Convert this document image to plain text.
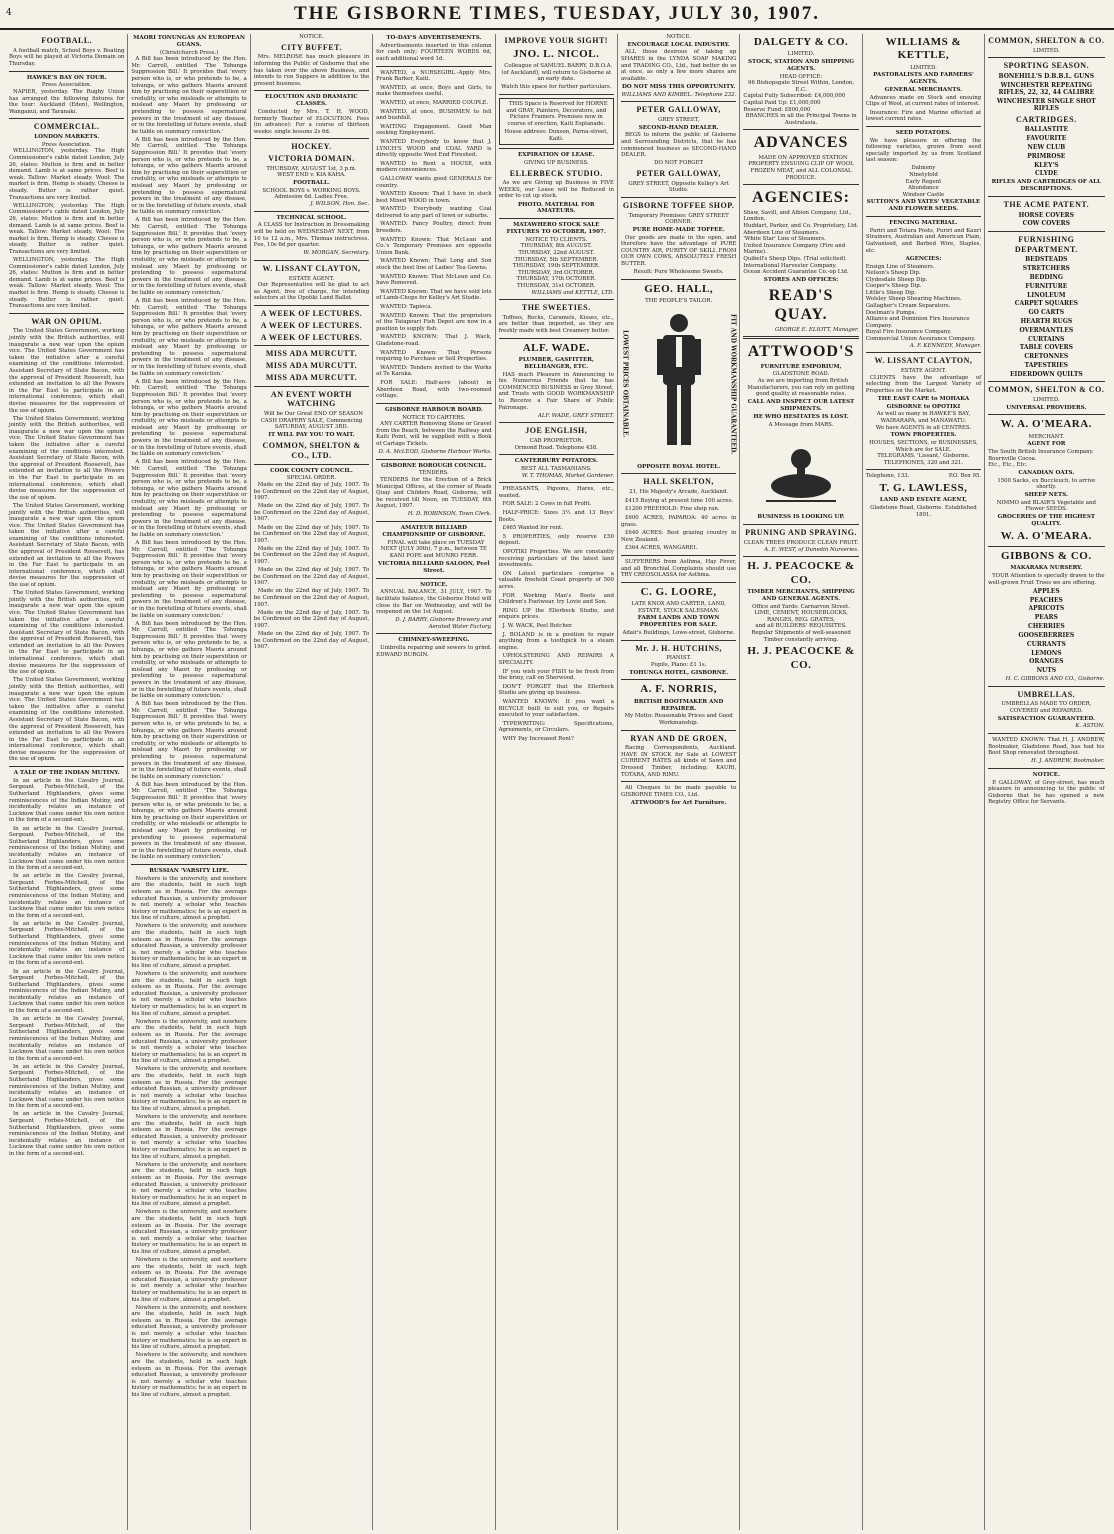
4	THE GISBORNE TIMES, TUESDAY, JULY 30, 1907.
FOOTBALL.

A football match, School Boys v. Boating Boys will be played at Victoria Domain on Thursday.

HAWKE'S BAY ON TOUR.
Press Association.

NAPIER, yesterday. The Rugby Union has arranged the following fixtures for the tour: Auckland (Eden), Wellington, Wanganui, and Taranaki.

COMMERCIAL.
LONDON MARKETS.
Press Association.

WELLINGTON, yesterday. The High Commissioner's cable dated London, July 26, states: Mutton is firm and in better demand. Lamb is at same prices. Beef is weak. Tallow: Market steady. Wool: The market is firm. Hemp is steady. Cheese is steady. Butter is rather quiet. Transactions are very limited.

WELLINGTON, yesterday. The High Commissioner's cable dated London, July 26, states: Mutton is firm and in better demand. Lamb is at same prices. Beef is weak. Tallow: Market steady. Wool: The market is firm. Hemp is steady. Cheese is steady. Butter is rather quiet. Transactions are very limited.

WELLINGTON, yesterday. The High Commissioner's cable dated London, July 26, states: Mutton is firm and in better demand. Lamb is at same prices. Beef is weak. Tallow: Market steady. Wool: The market is firm. Hemp is steady. Cheese is steady. Butter is rather quiet. Transactions are very limited.

WAR ON OPIUM.

The United States Government, working jointly with the British authorities, will inaugurate a new war upon the opium vice. The United States Government has taken the initiative after a careful examining of the conditions interested. Assistant Secretary of State Bacon, with the approval of President Roosevelt, has extended an invitation to all the Powers in the Far East to participate in an international conference, which shall devise measures for the suppression of the use of opium.

The United States Government, working jointly with the British authorities, will inaugurate a new war upon the opium vice. The United States Government has taken the initiative after a careful examining of the conditions interested. Assistant Secretary of State Bacon, with the approval of President Roosevelt, has extended an invitation to all the Powers in the Far East to participate in an international conference, which shall devise measures for the suppression of the use of opium.

The United States Government, working jointly with the British authorities, will inaugurate a new war upon the opium vice. The United States Government has taken the initiative after a careful examining of the conditions interested. Assistant Secretary of State Bacon, with the approval of President Roosevelt, has extended an invitation to all the Powers in the Far East to participate in an international conference, which shall devise measures for the suppression of the use of opium.

The United States Government, working jointly with the British authorities, will inaugurate a new war upon the opium vice. The United States Government has taken the initiative after a careful examining of the conditions interested. Assistant Secretary of State Bacon, with the approval of President Roosevelt, has extended an invitation to all the Powers in the Far East to participate in an international conference, which shall devise measures for the suppression of the use of opium.

The United States Government, working jointly with the British authorities, will inaugurate a new war upon the opium vice. The United States Government has taken the initiative after a careful examining of the conditions interested. Assistant Secretary of State Bacon, with the approval of President Roosevelt, has extended an invitation to all the Powers in the Far East to participate in an international conference, which shall devise measures for the suppression of the use of opium.

A TALE OF THE INDIAN MUTINY.

In an article in the Cavalry Journal, Sergeant Forbes-Mitchell, of the Sutherland Highlanders, gives some reminiscences of the Indian Mutiny, and incidentally relates an instance of Lucknow that came under his own notice in the form of a second-ent.

In an article in the Cavalry Journal, Sergeant Forbes-Mitchell, of the Sutherland Highlanders, gives some reminiscences of the Indian Mutiny, and incidentally relates an instance of Lucknow that came under his own notice in the form of a second-ent.

In an article in the Cavalry Journal, Sergeant Forbes-Mitchell, of the Sutherland Highlanders, gives some reminiscences of the Indian Mutiny, and incidentally relates an instance of Lucknow that came under his own notice in the form of a second-ent.

In an article in the Cavalry Journal, Sergeant Forbes-Mitchell, of the Sutherland Highlanders, gives some reminiscences of the Indian Mutiny, and incidentally relates an instance of Lucknow that came under his own notice in the form of a second-ent.

In an article in the Cavalry Journal, Sergeant Forbes-Mitchell, of the Sutherland Highlanders, gives some reminiscences of the Indian Mutiny, and incidentally relates an instance of Lucknow that came under his own notice in the form of a second-ent.

In an article in the Cavalry Journal, Sergeant Forbes-Mitchell, of the Sutherland Highlanders, gives some reminiscences of the Indian Mutiny, and incidentally relates an instance of Lucknow that came under his own notice in the form of a second-ent.

In an article in the Cavalry Journal, Sergeant Forbes-Mitchell, of the Sutherland Highlanders, gives some reminiscences of the Indian Mutiny, and incidentally relates an instance of Lucknow that came under his own notice in the form of a second-ent.

In an article in the Cavalry Journal, Sergeant Forbes-Mitchell, of the Sutherland Highlanders, gives some reminiscences of the Indian Mutiny, and incidentally relates an instance of Lucknow that came under his own notice in the form of a second-ent.

MAORI TONUNGAS AN EUROPEAN GUANS.
(Christchurch Press.)

A Bill has been introduced by the Hon. Mr. Carroll, entitled 'The Tohunga Suppression Bill.' It provides that 'every person who is, or who pretends to be, a tohunga, or who gathers Maoris around him by practising on their superstition or credulity, or who misleads or attempts to mislead any Maori by professing or pretending to possess supernatural powers in the treatment of any disease, or in the foretelling of future events, shall be liable on summary conviction.'

A Bill has been introduced by the Hon. Mr. Carroll, entitled 'The Tohunga Suppression Bill.' It provides that 'every person who is, or who pretends to be, a tohunga, or who gathers Maoris around him by practising on their superstition or credulity, or who misleads or attempts to mislead any Maori by professing or pretending to possess supernatural powers in the treatment of any disease, or in the foretelling of future events, shall be liable on summary conviction.'

A Bill has been introduced by the Hon. Mr. Carroll, entitled 'The Tohunga Suppression Bill.' It provides that 'every person who is, or who pretends to be, a tohunga, or who gathers Maoris around him by practising on their superstition or credulity, or who misleads or attempts to mislead any Maori by professing or pretending to possess supernatural powers in the treatment of any disease, or in the foretelling of future events, shall be liable on summary conviction.'

A Bill has been introduced by the Hon. Mr. Carroll, entitled 'The Tohunga Suppression Bill.' It provides that 'every person who is, or who pretends to be, a tohunga, or who gathers Maoris around him by practising on their superstition or credulity, or who misleads or attempts to mislead any Maori by professing or pretending to possess supernatural powers in the treatment of any disease, or in the foretelling of future events, shall be liable on summary conviction.'

A Bill has been introduced by the Hon. Mr. Carroll, entitled 'The Tohunga Suppression Bill.' It provides that 'every person who is, or who pretends to be, a tohunga, or who gathers Maoris around him by practising on their superstition or credulity, or who misleads or attempts to mislead any Maori by professing or pretending to possess supernatural powers in the treatment of any disease, or in the foretelling of future events, shall be liable on summary conviction.'

A Bill has been introduced by the Hon. Mr. Carroll, entitled 'The Tohunga Suppression Bill.' It provides that 'every person who is, or who pretends to be, a tohunga, or who gathers Maoris around him by practising on their superstition or credulity, or who misleads or attempts to mislead any Maori by professing or pretending to possess supernatural powers in the treatment of any disease, or in the foretelling of future events, shall be liable on summary conviction.'

A Bill has been introduced by the Hon. Mr. Carroll, entitled 'The Tohunga Suppression Bill.' It provides that 'every person who is, or who pretends to be, a tohunga, or who gathers Maoris around him by practising on their superstition or credulity, or who misleads or attempts to mislead any Maori by professing or pretending to possess supernatural powers in the treatment of any disease, or in the foretelling of future events, shall be liable on summary conviction.'

A Bill has been introduced by the Hon. Mr. Carroll, entitled 'The Tohunga Suppression Bill.' It provides that 'every person who is, or who pretends to be, a tohunga, or who gathers Maoris around him by practising on their superstition or credulity, or who misleads or attempts to mislead any Maori by professing or pretending to possess supernatural powers in the treatment of any disease, or in the foretelling of future events, shall be liable on summary conviction.'

A Bill has been introduced by the Hon. Mr. Carroll, entitled 'The Tohunga Suppression Bill.' It provides that 'every person who is, or who pretends to be, a tohunga, or who gathers Maoris around him by practising on their superstition or credulity, or who misleads or attempts to mislead any Maori by professing or pretending to possess supernatural powers in the treatment of any disease, or in the foretelling of future events, shall be liable on summary conviction.'

A Bill has been introduced by the Hon. Mr. Carroll, entitled 'The Tohunga Suppression Bill.' It provides that 'every person who is, or who pretends to be, a tohunga, or who gathers Maoris around him by practising on their superstition or credulity, or who misleads or attempts to mislead any Maori by professing or pretending to possess supernatural powers in the treatment of any disease, or in the foretelling of future events, shall be liable on summary conviction.'

RUSSIAN 'VARSITY LIFE.

Nowhere is the university, and nowhere are the students, held in such high esteem as in Russia. For the average educated Russian, a university professor is not merely a scholar who teaches history or mathematics; he is an expert in his line of culture, almost a prophet.

Nowhere is the university, and nowhere are the students, held in such high esteem as in Russia. For the average educated Russian, a university professor is not merely a scholar who teaches history or mathematics; he is an expert in his line of culture, almost a prophet.

Nowhere is the university, and nowhere are the students, held in such high esteem as in Russia. For the average educated Russian, a university professor is not merely a scholar who teaches history or mathematics; he is an expert in his line of culture, almost a prophet.

Nowhere is the university, and nowhere are the students, held in such high esteem as in Russia. For the average educated Russian, a university professor is not merely a scholar who teaches history or mathematics; he is an expert in his line of culture, almost a prophet.

Nowhere is the university, and nowhere are the students, held in such high esteem as in Russia. For the average educated Russian, a university professor is not merely a scholar who teaches history or mathematics; he is an expert in his line of culture, almost a prophet.

Nowhere is the university, and nowhere are the students, held in such high esteem as in Russia. For the average educated Russian, a university professor is not merely a scholar who teaches history or mathematics; he is an expert in his line of culture, almost a prophet.

Nowhere is the university, and nowhere are the students, held in such high esteem as in Russia. For the average educated Russian, a university professor is not merely a scholar who teaches history or mathematics; he is an expert in his line of culture, almost a prophet.

Nowhere is the university, and nowhere are the students, held in such high esteem as in Russia. For the average educated Russian, a university professor is not merely a scholar who teaches history or mathematics; he is an expert in his line of culture, almost a prophet.

Nowhere is the university, and nowhere are the students, held in such high esteem as in Russia. For the average educated Russian, a university professor is not merely a scholar who teaches history or mathematics; he is an expert in his line of culture, almost a prophet.

Nowhere is the university, and nowhere are the students, held in such high esteem as in Russia. For the average educated Russian, a university professor is not merely a scholar who teaches history or mathematics; he is an expert in his line of culture, almost a prophet.

Nowhere is the university, and nowhere are the students, held in such high esteem as in Russia. For the average educated Russian, a university professor is not merely a scholar who teaches history or mathematics; he is an expert in his line of culture, almost a prophet.

NOTICE.
CITY BUFFET.

Mrs. MELROSE has much pleasure in informing the Public of Gisborne that she has taken over the above Business, and intends to run Suppers in addition to the present business.

ELOCUTION AND DRAMATIC CLASSES.

Conducted by Mrs. T. H. WOOD, formerly Teacher of ELOCUTION. Fees (in advance): For a course of thirteen weeks: single lessons 2s 6d.

HOCKEY.
VICTORIA DOMAIN.
THURSDAY, AUGUST 1st, 3 p.m.
WEST END v. KIA KAHA.
FOOTBALL.
SCHOOL BOYS v. WORKING BOYS.
Admission 6d. Ladies Free.
J. WILSON, Hon. Sec.
TECHNICAL SCHOOL.

A CLASS for Instruction in Dressmaking will be held on WEDNESDAY NEXT, from 10 to 12 a.m., Mrs. Thomas instructress. Fee, 10s 6d per quarter.

W. MORGAN, Secretary.
W. LISSANT CLAYTON,
ESTATE AGENT.

Our Representative will be glad to act as Agent, free of charge, for intending selectors at the Opotiki Land Ballot.

A WEEK OF LECTURES.
A WEEK OF LECTURES.
A WEEK OF LECTURES.
MISS ADA MURCUTT.
MISS ADA MURCUTT.
MISS ADA MURCUTT.
AN EVENT WORTH WATCHING

Will be Our Great END OF SEASON CASH DRAPERY SALE, Commencing SATURDAY, AUGUST 3RD.

IT WILL PAY YOU TO WAIT.
COMMON, SHELTON & CO., LTD.
COOK COUNTY COUNCIL.
SPECIAL ORDER.

Made on the 22nd day of July, 1907. To be Confirmed on the 22nd day of August, 1907.

Made on the 22nd day of July, 1907. To be Confirmed on the 22nd day of August, 1907.

Made on the 22nd day of July, 1907. To be Confirmed on the 22nd day of August, 1907.

Made on the 22nd day of July, 1907. To be Confirmed on the 22nd day of August, 1907.

Made on the 22nd day of July, 1907. To be Confirmed on the 22nd day of August, 1907.

Made on the 22nd day of July, 1907. To be Confirmed on the 22nd day of August, 1907.

Made on the 22nd day of July, 1907. To be Confirmed on the 22nd day of August, 1907.

Made on the 22nd day of July, 1907. To be Confirmed on the 22nd day of August, 1907.

TO-DAY'S ADVERTISEMENTS.

Advertisements inserted in this column for cash only; FOURTEEN WORDS 6d, each additional word 1d.

WANTED, a NURSEGIRL.-Apply Mrs. Frank Barker, Kaiti.

WANTED, at once, Boys and Girls, to make themselves useful.

WANTED, at once, MARRIED COUPLE.

WANTED, at once, BUSHMEN to fell and bushfall.

WAITING Engagement. Good Man seeking Employment.

WANTED Everybody to know that J. LYNCH'S WOOD and COAL YARD is directly opposite West End Fireshed.

WANTED to Rent a HOUSE, with modern conveniences.

GALLOWAY wants good GENERALS for country.

WANTED Known: That I have in stock best Mixed WOOD in town.

WANTED Everybody wanting Coal delivered to any part of town or suburbs.

WANTED: Fancy Poultry, direct from breeders.

WANTED Known: That McLean and Co.'s Temporary Premises are opposite Union Bank.

WANTED Known: That Long and Son stock the best line of Ladies' Tea Gowns.

WANTED Known: That McLean and Co. have Removed.

WANTED Known: That we have sold lots of Lamb-Chops for Kelley's Art Studio.

WANTED: Tapioca.

WANTED Known: That the proprietors of the Tatapouri Fish Depot are now in a position to supply fish.

WANTED KNOWN: That J. Wack, Gladstone-road.

WANTED Known: That Persons requiring to Purchase or Sell Properties.

WANTED: Tenders invited to the Works at Te Karaka.

FOR SALE: Half-acre (about) in Aberdeen Road, with two-roomed cottage.

GISBORNE HARBOUR BOARD.
NOTICE TO CARTERS.

ANY CARTER Removing Stone or Gravel from the Beach, between the Railway and Kaiti Point, will be supplied with a Book of Cartage Tickets.

D. A. McLEOD, Gisborne Harbour Works.
GISBORNE BOROUGH COUNCIL.
TENDERS.

TENDERS for the Erection of a Brick Municipal Offices, at the corner of Reads Quay and Childers Road, Gisborne, will be received till Noon, on TUESDAY, 6th August, 1907.

H. D. ROBINSON, Town Clerk.
AMATEUR BILLIARD CHAMPIONSHIP OF GISBORNE.

FINAL will take place on TUESDAY NEXT (JULY 30th), 7 p.m., between TE KANI POPE and MUNRO FERR.

VICTORIA BILLIARD SALOON, Peel Street.
NOTICE.

ANNUAL BALANCE, 31 JULY, 1907. To facilitate balance, the Gisborne Hotel will close its Bar on Wednesday, and will be reopened on the 1st August.

D. J. BARRY, Gisborne Brewery and Aerated Water Factory.
CHIMNEY-SWEEPING.

Umbrella repairing and sewers to grind. EDWARD BURGIN.

IMPROVE YOUR SIGHT!
JNO. L. NICOL.

Colleague of SAMUEL BARRY, D.B.O.A. (of Auckland), will return to Gisborne at an early date.

Watch this space for further particulars.

THIS Space is Reserved for HORNE and GRAY, Painters, Decorators, and Picture Framers. Premises now in course of erection, Kaiti Esplanade.

House address: Dunson, Parna-street, Kaiti.
EXPIRATION OF LEASE.
GIVING UP BUSINESS.
ELLERBECK STUDIO.

As we are Giving up Business in FIVE WEEKS, our Lease will be Reduced in order to cut up stock.

PHOTO. MATERIAL FOR AMATEURS.
MATAWHERO STOCK SALE FIXTURES TO OCTOBER, 1907.
NOTICE TO CLIENTS.
THURSDAY, 8th AUGUST.
THURSDAY, 22nd AUGUST.
THURSDAY, 5th SEPTEMBER.
THURSDAY, 19th SEPTEMBER.
THURSDAY, 3rd OCTOBER.
THURSDAY, 17th OCTOBER.
THURSDAY, 31st OCTOBER.
WILLIAMS and KETTLE, LTD.
THE SWEETIES.

Toffees, Rocks, Caramels, Kisses, etc., are better than imported, as they are freshly made with best Creamery butter.

ALF. WADE.
PLUMBER, GASFITTER, BELLHANGER, ETC.

HAS much Pleasure in Announcing to his Numerous Friends that he has COMMENCED BUSINESS in Grey Street, and Trusts with GOOD WORKMANSHIP to Receive a Fair Share of Public Patronage.

ALF. WADE, GREY STREET.
JOE ENGLISH,
CAB PROPRIETOR.
Ormond Road. Telephone 438.
CANTERBURY POTATOES.
BEST ALL TASMANIANS.
W. T. THOMAS, Market Gardener.

PHEASANTS, Pigeons, Hares, etc., wanted.

FOR SALE: 2 Cows in full Profit.

HALF-PRICE: Sizes 3½ and 13 Boys' Boots.

£465 Wanted for rent.

5 PROPERTIES, only reserve £50 deposit.

OPOTIKI Properties. We are constantly receiving particulars of the latest land investments.

ON Latest particulars comprise a valuable freehold Coast property of 500 acres.

FOR Working Man's Boots and Children's Footwear, try Lovie and Son.

RING UP the Ellerbeck Studio, and enquire prices.

J. W. WACK, Peel Butcher.

J. BOLAND is in a position to repair anything from a toothpick to a steam engine.

UPHOLSTERING AND REPAIRS A SPECIALITY.

IF you wish your FISH to be fresh from the briny, call on Sherwood.

DON'T FORGET that the Ellerbeck Studio are giving up business.

WANTED KNOWN: If you want a BICYCLE built to suit you, or Repairs executed to your satisfaction.

TYPEWRITING: Specifications, Agreements, or Circulars.

WHY Pay Increased Rent?

NOTICE.
ENCOURAGE LOCAL INDUSTRY.

ALL those desirous of taking up SHARES in the LYNDA SOAP MAKING and TRADING CO., Ltd., had better do so at once, as only a few more shares are available.

DO NOT MISS THIS OPPORTUNITY.
WILLIAMS AND KIMBEL. Telephone 232.
PETER GALLOWAY,
GREY STREET,
SECOND-HAND DEALER.

BEGS to inform the public of Gisborne and Surrounding Districts, that he has commenced business as SECOND-HAND DEALER.

DO NOT FORGET
PETER GALLOWAY,
GREY STREET, Opposite Kelley's Art Studio.
GISBORNE TOFFEE SHOP.
Temporary Premises: GREY STREET CORNER.
PURE HOME-MADE TOFFEE.

Our goods are made in the open, and therefore have the advantage of PURE COUNTRY AIR, PURITY OF SKILL FROM OUR OWN COWS, ABSOLUTELY FRESH BUTTER.

Result: Pure Wholesome Sweets.
GEO. HALL,
THE PEOPLE'S TAILOR.
LOWEST PRICES OBTAINABLE.	FIT AND WORKMANSHIP GUARANTEED.
OPPOSITE ROYAL HOTEL.
HALL SKELTON,
21, His Majesty's Arcade, Auckland.

£415 Buying at present time 100 acres.

£1200 FREEHOLD: Fine shop ran.

£600 ACRES, PAPAROA: 40 acres in grass.

£640 ACRES: Best grazing country in New Zealand.

£364 ACRES, WANGAREI.

SUFFERERS from Asthma, Hay Fever, and all Bronchial Complaints should use TRY CREOSOLASSA for Asthma.

C. G. LOORE,
LATE KNOX AND CARTER, LAND, ESTATE, STOCK SALESMAN.
FARM LANDS AND TOWN PROPERTIES FOR SALE.
Adair's Buildings, Lowe-street, Gisborne.
Mr. J. H. HUTCHINS,
PIANIST.
Pupils, Piano: £1 1s.
TOHUNGA HOTEL, GISBORNE.
A. F. NORRIS,
BRITISH BOOTMAKER AND REPAIRER.
My Motto: Reasonable Prices and Good Workmanship.
RYAN AND DE GROEN,

Racing Correspondents, Auckland. HAVE IN STOCK for Sale at LOWEST CURRENT RATES all kinds of Sawn and Dressed Timber, including: KAURI, TOTARA, AND RIMU.

All Cheques to be made payable to GISBORNE TIMES CO., Ltd.

ATTWOOD'S for Art Furniture.
DALGETY & CO.
LIMITED.
STOCK, STATION AND SHIPPING AGENTS.
HEAD OFFICE:
96 Bishopsgate Street Within, London, E.C.
Capital Fully Subscribed: £4,000,000
Capital Paid Up: £1,000,000
Reserve Fund: £800,000
BRANCHES in all the Principal Towns in Australasia.
ADVANCES

MADE ON APPROVED STATION PROPERTY ENSUING CLIP OF WOOL FROZEN MEAT, and ALL COLONIAL PRODUCE.

AGENCIES:
Shaw, Savill, and Albion Company, Ltd., London.
Huddart, Parker, and Co. Proprietary, Ltd.
Aberdeen Line of Steamers.
'White Star' Line of Steamers.
United Insurance Company (Fire and Marine).
Quibell's Sheep Dips. (Trial solicited).
International Harvester Company.
Ocean Accident Guarantee Co.-op Ltd.
STORES AND OFFICES:
READ'S QUAY.
GEORGE E. ELIOTT, Manager.
ATTWOOD'S
FURNITURE EMPORIUM,
GLADSTONE ROAD.

As we are importing from British Manufacturers, you can rely on getting good quality at reasonable rates.

CALL AND INSPECT OUR LATEST SHIPMENTS.
HE WHO HESITATES IS LOST.
A Message from MARS.
BUSINESS IS LOOKING UP.
PRUNING AND SPRAYING.
CLEAN TREES PRODUCE CLEAN FRUIT.
A. E. WEST, of Dunedin Nurseries.
H. J. PEACOCKE & CO.
TIMBER MERCHANTS, SHIPPING AND GENERAL AGENTS.
Office and Yards: Carnarvon Street.
LIME, CEMENT, HOUSEBLOCKS, RANGES, REG. GRATES,
and all BUILDERS' REQUISITES.
Regular Shipments of well-seasoned Timber constantly arriving.
H. J. PEACOCKE & CO.
WILLIAMS & KETTLE,
LIMITED.
PASTORALISTS AND FARMERS' AGENTS.
GENERAL MERCHANTS.

Advances made on Stock and ensuing Clips of Wool, at current rates of interest.

Insurance: Fire and Marine effected at lowest current rates.

SEED POTATOES.

We have pleasure in offering the following varieties, grown from seed specially imported by us from Scotland last season:

Dalmeny
Ninetyfold
Early Regent
Abundance
Windsor Castle
SUTTON'S AND YATES' VEGETABLE AND FLOWER SEEDS.
FENCING MATERIAL.

Pariri and Totara Posts, Puriri and Kauri Strainers, Australian and American Plain, Galvanised, and Barbed Wire, Staples, etc.

AGENCIES:
Ensign Line of Steamers.
Nelson's Sheep Dip.
Clydesdale Sheep Dip.
Cooper's Sheep Dip.
Little's Sheep Dip.
Wolsley Sheep Shearing Machines.
Gallagher's Cream Separators.
Doelman's Pumps.
Alliance and Dominion Fire Insurance Company.
Royal Fire Insurance Company.
Commercial Union Assurance Company.
A. F. KENNEDY, Manager.
W. LISSANT CLAYTON,
ESTATE AGENT.

CLIENTS have the advantage of selecting from the Largest Variety of Properties on the Market.

THE EAST CAPE to MOHAKA
GISBORNE to OPOTIKI
As well as many in HAWKE'S BAY, WAIRARAPA, and MANAWATU.
We have AGENTS in all CENTRES.
TOWN PROPERTIES.
HOUSES, SECTIONS, or BUSINESSES,
Which are for SALE.
TELEGRAMS, 'Lissant,' Gisborne. TELEPHONES, 320 and 321.
Telephone, 133.	P.O. Box 95.
T. G. LAWLESS,
LAND AND ESTATE AGENT,
Gladstone Road, Gisborne. Established 1891.
COMMON, SHELTON & CO.
LIMITED.
SPORTING SEASON.
BONEHILL'S D.B.B.L. GUNS
WINCHESTER REPEATING RIFLES, 22, 32, 44 CALIBRE
WINCHESTER SINGLE SHOT RIFLES
CARTRIDGES.
BALLASTITE
FAVOURITE
NEW CLUB
PRIMROSE
KLEY'S
CLYDE
RIFLES AND CARTRIDGES OF ALL DESCRIPTIONS.
THE ACME PATENT.
HORSE COVERS
COW COVERS
FURNISHING DEPARTMENT.
BEDSTEADS
STRETCHERS
BEDDING
FURNITURE
LINOLEUM
CARPET SQUARES
GO CARTS
HEARTH RUGS
OVERMANTLES
CURTAINS
TABLE COVERS
CRETONNES
TAPESTRIES
EIDERDOWN QUILTS
COMMON, SHELTON & CO.
LIMITED.
UNIVERSAL PROVIDERS.
W. A. O'MEARA.
MERCHANT.
AGENT FOR
The South British Insurance Company.
Bournville Cocoa.
Etc., Etc., Etc.
CANADIAN OATS.
1500 Sacks, ex Buccleuch, to arrive shortly.
SHEEP NETS.
NIMMO and BLAIR'S Vegetable and Flower SEEDS.
GROCERIES OF THE HIGHEST QUALITY.
W. A. O'MEARA.
GIBBONS & CO.
MAKARAKA NURSERY.

YOUR Attention is specially drawn to the well-grown Fruit Trees we are offering.

APPLES
PEACHES
APRICOTS
PEARS
CHERRIES
GOOSEBERRIES
CURRANTS
LEMONS
ORANGES
NUTS
H. C. GIBBONS AND CO., Gisborne.
UMBRELLAS.
UMBRELLAS MADE TO ORDER, COVERED and REPAIRED.
SATISFACTION GUARANTEED.
K. ASTON.

WANTED KNOWN: That H. J. ANDREW, Bootmaker, Gladstone Road, has had his Boot Shop renovated throughout.

H. J. ANDREW, Bootmaker.
NOTICE.

P. GALLOWAY, of Grey-street, has much pleasure in announcing to the public of Gisborne that he has opened a new Registry Office for Servants.
